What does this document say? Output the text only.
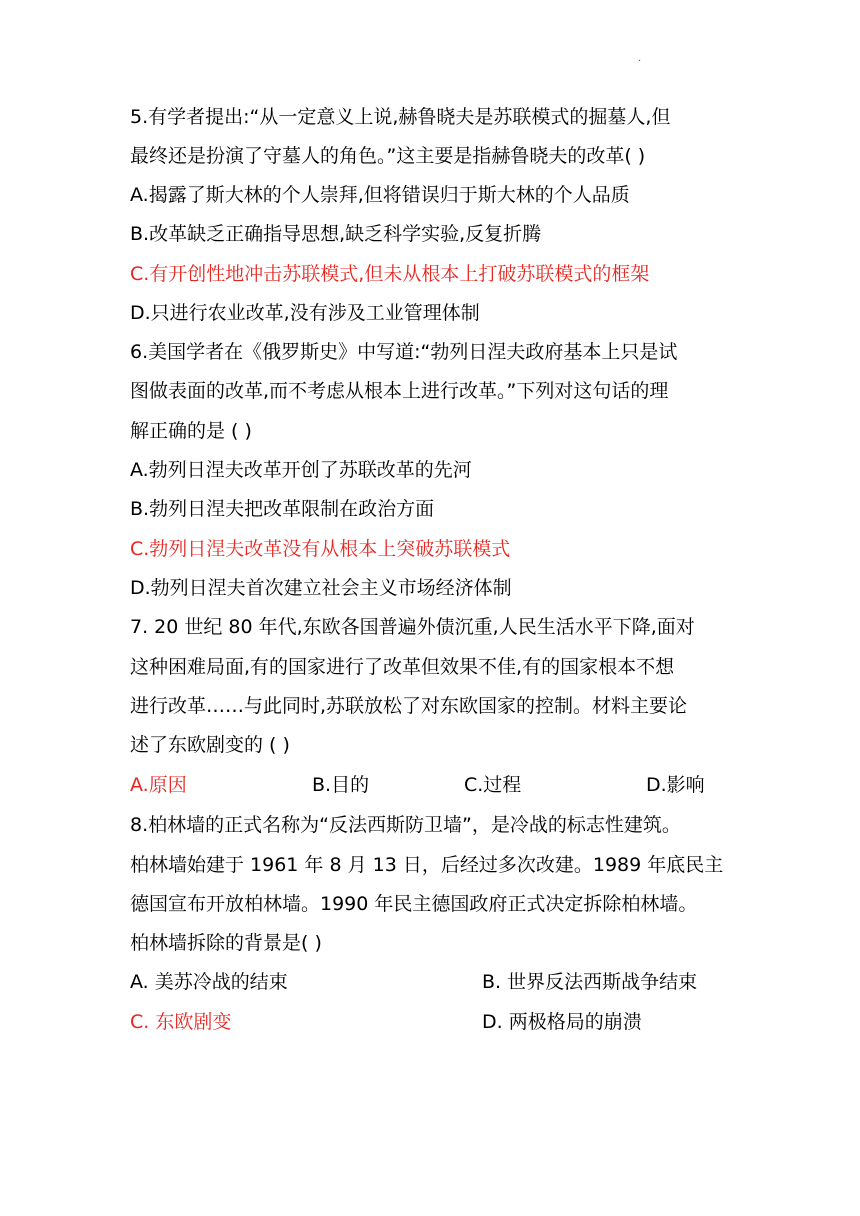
·
5.有学者提出:“从一定意义上说,赫鲁晓夫是苏联模式的掘墓人,但
最终还是扮演了守墓人的角色。”这主要是指赫鲁晓夫的改革( )
A.揭露了斯大林的个人崇拜,但将错误归于斯大林的个人品质
B.改革缺乏正确指导思想,缺乏科学实验,反复折腾
C.有开创性地冲击苏联模式,但未从根本上打破苏联模式的框架
D.只进行农业改革,没有涉及工业管理体制
6.美国学者在《俄罗斯史》中写道:“勃列日涅夫政府基本上只是试
图做表面的改革,而不考虑从根本上进行改革。”下列对这句话的理
解正确的是 ( )
A.勃列日涅夫改革开创了苏联改革的先河
B.勃列日涅夫把改革限制在政治方面
C.勃列日涅夫改革没有从根本上突破苏联模式
D.勃列日涅夫首次建立社会主义市场经济体制
7. 20 世纪 80 年代,东欧各国普遍外债沉重,人民生活水平下降,面对
这种困难局面,有的国家进行了改革但效果不佳,有的国家根本不想
进行改革……与此同时,苏联放松了对东欧国家的控制。材料主要论
述了东欧剧变的 ( )
A.原因	B.目的	C.过程	D.影响
8.柏林墙的正式名称为“反法西斯防卫墙”，是冷战的标志性建筑。
柏林墙始建于 1961 年 8 月 13 日，后经过多次改建。1989 年底民主
德国宣布开放柏林墙。1990 年民主德国政府正式决定拆除柏林墙。
柏林墙拆除的背景是( )
A. 美苏冷战的结束	B. 世界反法西斯战争结束
C. 东欧剧变	D. 两极格局的崩溃
